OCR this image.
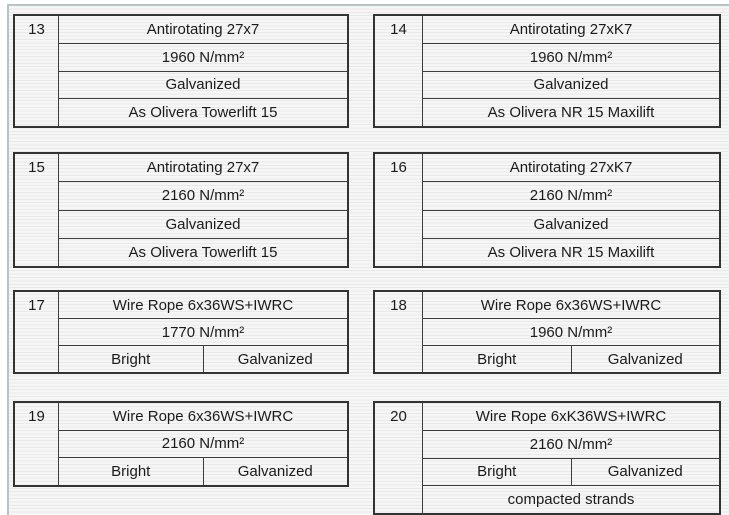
13	Antirotating 27x7
1960 N/mm²
Galvanized
As Olivera Towerlift 15
14	Antirotating 27xK7
1960 N/mm²
Galvanized
As Olivera NR 15 Maxilift
15	Antirotating 27x7
2160 N/mm²
Galvanized
As Olivera Towerlift 15
16	Antirotating 27xK7
2160 N/mm²
Galvanized
As Olivera NR 15 Maxilift
17	Wire Rope 6x36WS+IWRC
1770 N/mm²
Bright	Galvanized
18	Wire Rope 6x36WS+IWRC
1960 N/mm²
Bright	Galvanized
19	Wire Rope 6x36WS+IWRC
2160 N/mm²
Bright	Galvanized
20	Wire Rope 6xK36WS+IWRC
2160 N/mm²
Bright	Galvanized
compacted strands
